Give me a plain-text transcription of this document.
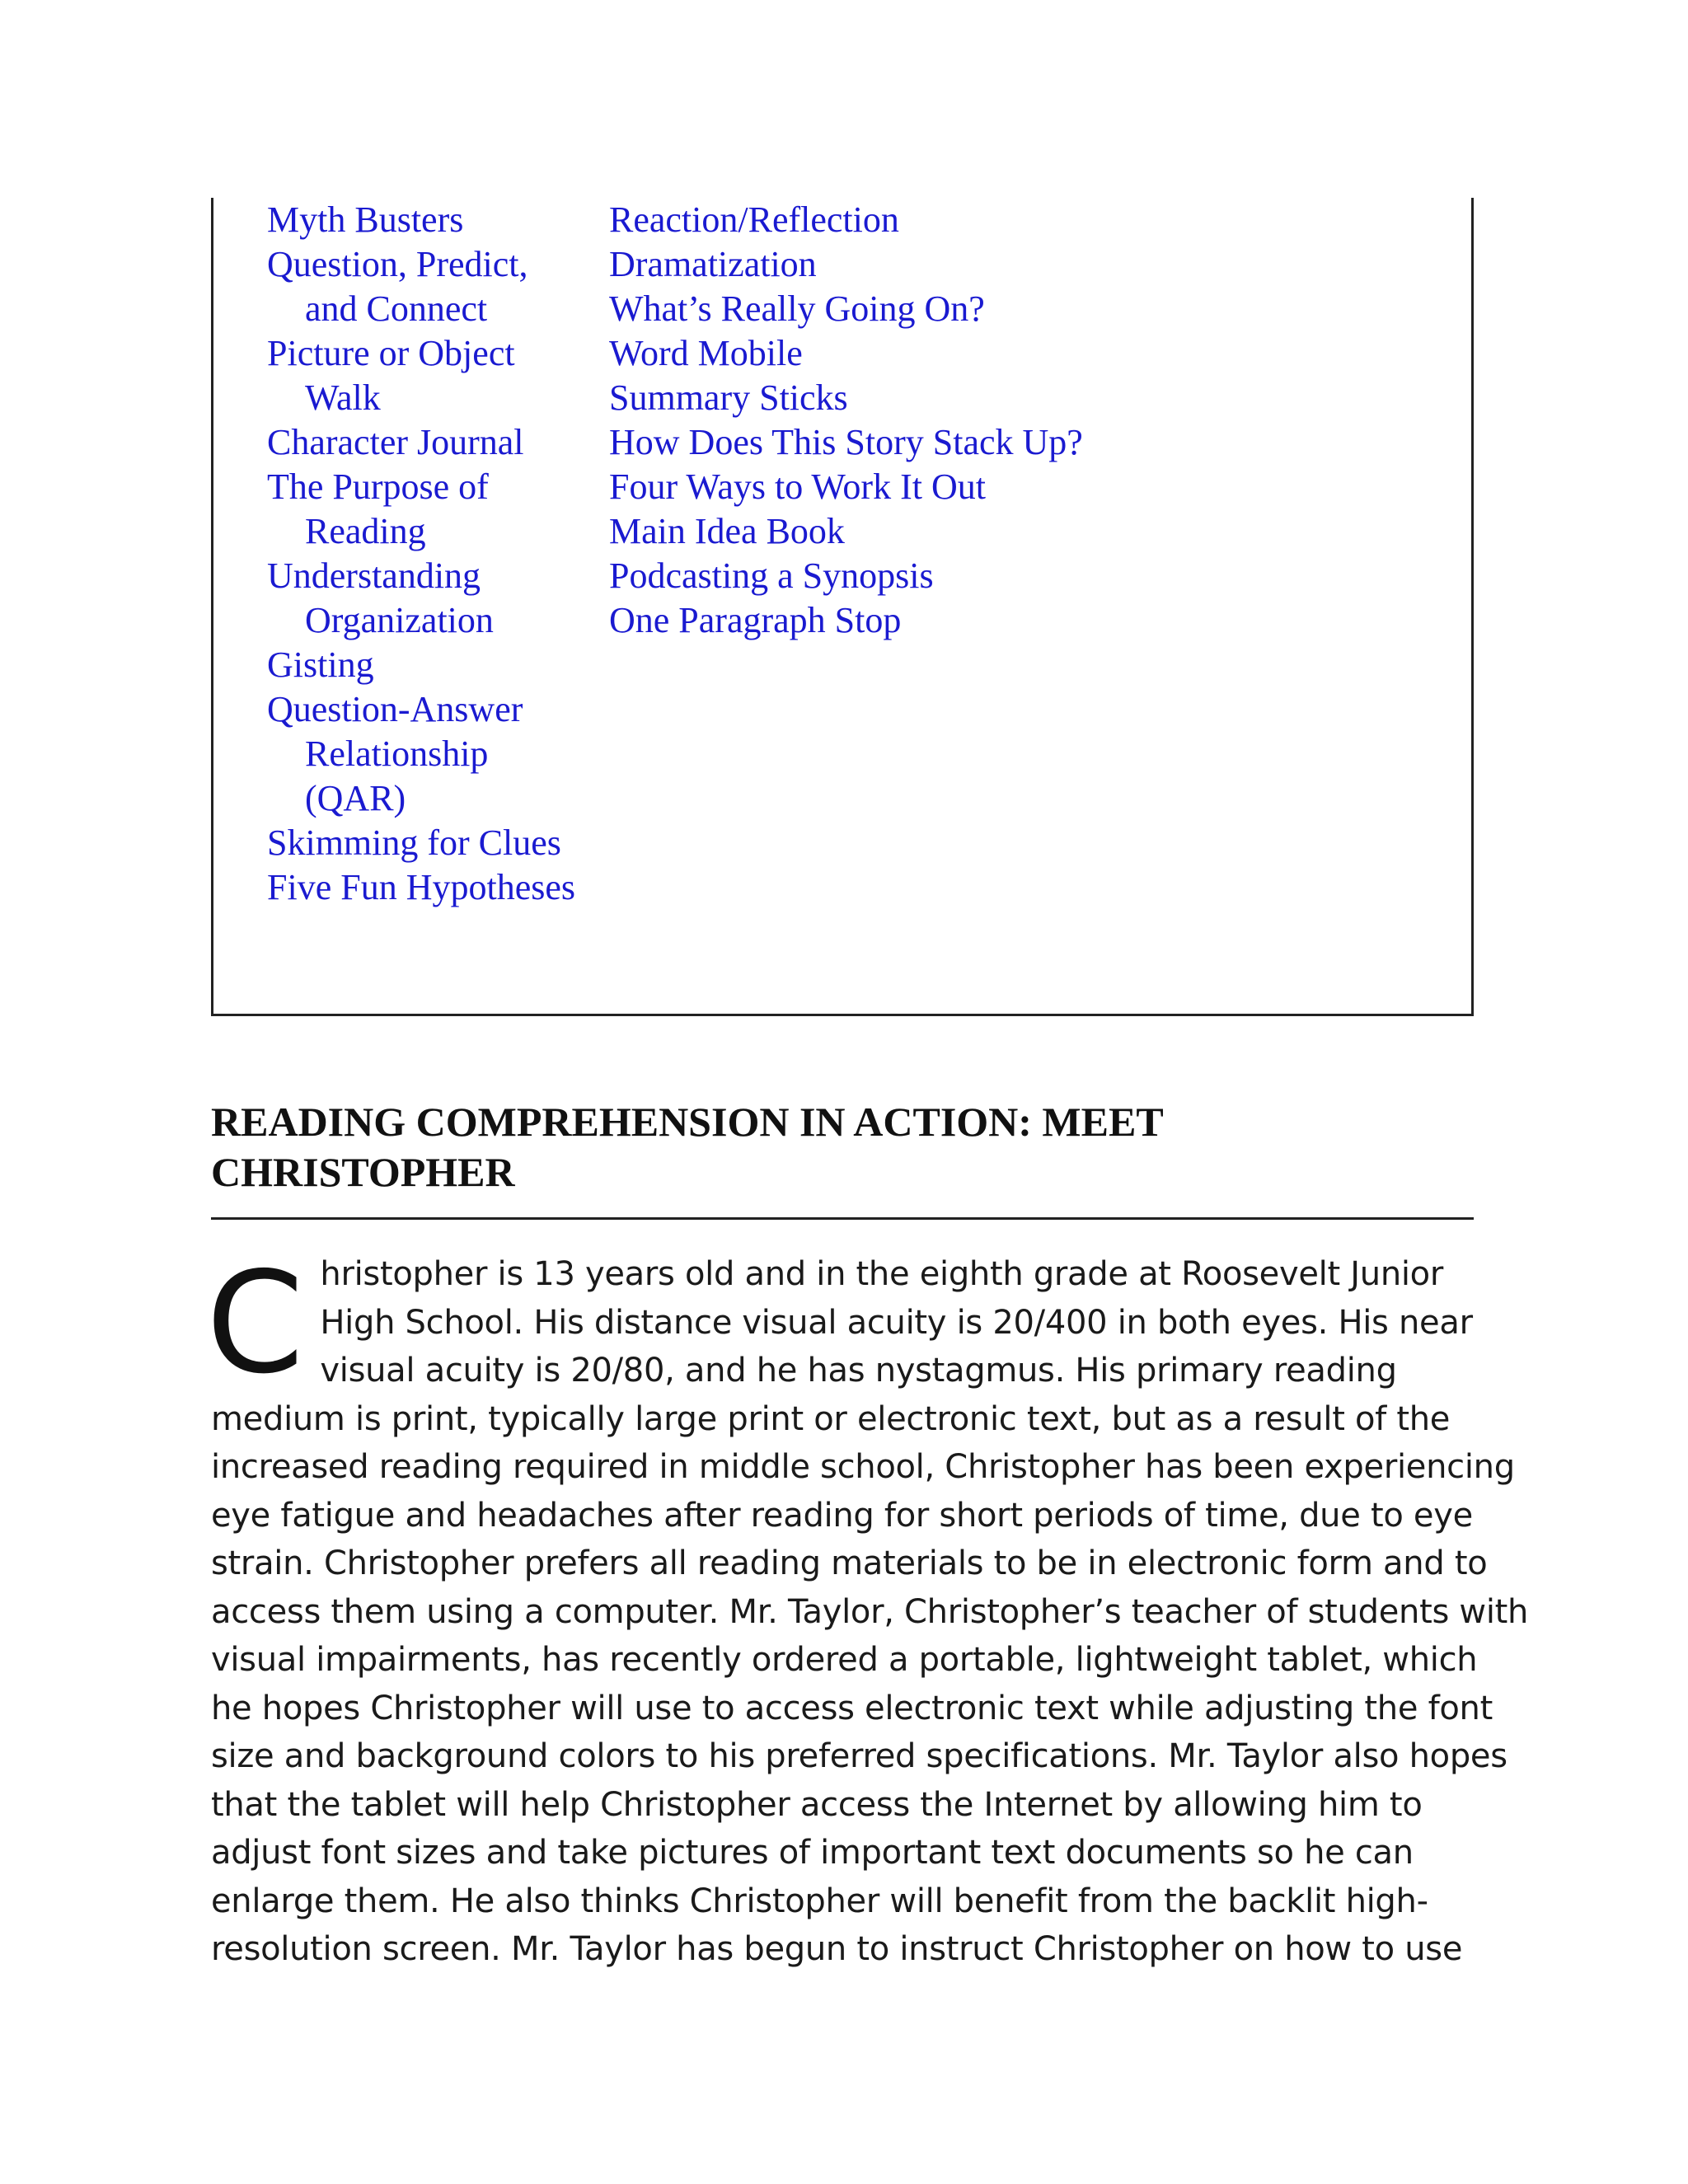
Myth Busters
Question, Predict, and Connect
Picture or Object Walk
Character Journal
The Purpose of Reading
Understanding Organization
Gisting
Question-Answer Relationship (QAR)
Skimming for Clues
Five Fun Hypotheses
Reaction/Reflection
Dramatization
What’s Really Going On?
Word Mobile
Summary Sticks
How Does This Story Stack Up?
Four Ways to Work It Out
Main Idea Book
Podcasting a Synopsis
One Paragraph Stop
READING COMPREHENSION IN ACTION: MEET
CHRISTOPHER

C hristopher is 13 years old and in the eighth grade at Roosevelt Junior
High School. His distance visual acuity is 20/400 in both eyes. His near
visual acuity is 20/80, and he has nystagmus. His primary reading
medium is print, typically large print or electronic text, but as a result of the
increased reading required in middle school, Christopher has been experiencing
eye fatigue and headaches after reading for short periods of time, due to eye
strain. Christopher prefers all reading materials to be in electronic form and to
access them using a computer. Mr. Taylor, Christopher’s teacher of students with
visual impairments, has recently ordered a portable, lightweight tablet, which
he hopes Christopher will use to access electronic text while adjusting the font
size and background colors to his preferred specifications. Mr. Taylor also hopes
that the tablet will help Christopher access the Internet by allowing him to
adjust font sizes and take pictures of important text documents so he can
enlarge them. He also thinks Christopher will benefit from the backlit high-
resolution screen. Mr. Taylor has begun to instruct Christopher on how to use
